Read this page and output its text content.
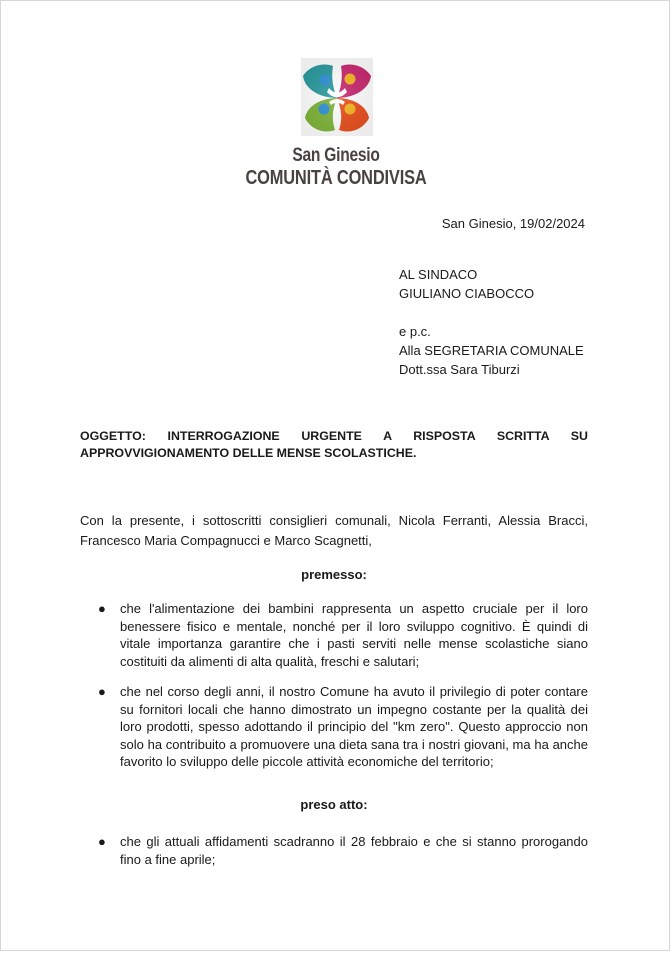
San Ginesio
COMUNITÀ CONDIVISA
San Ginesio, 19/02/2024
AL SINDACO
GIULIANO CIABOCCO
e p.c.
Alla SEGRETARIA COMUNALE
Dott.ssa Sara Tiburzi
OGGETTO: INTERROGAZIONE URGENTE A RISPOSTA SCRITTA SU APPROVVIGIONAMENTO DELLE MENSE SCOLASTICHE.
Con la presente, i sottoscritti consiglieri comunali, Nicola Ferranti, Alessia Bracci, Francesco Maria Compagnucci e Marco Scagnetti,
premesso:
●	che l'alimentazione dei bambini rappresenta un aspetto cruciale per il loro benessere fisico e mentale, nonché per il loro sviluppo cognitivo. È quindi di vitale importanza garantire che i pasti serviti nelle mense scolastiche siano costituiti da alimenti di alta qualità, freschi e salutari;
●	che nel corso degli anni, il nostro Comune ha avuto il privilegio di poter contare su fornitori locali che hanno dimostrato un impegno costante per la qualità dei loro prodotti, spesso adottando il principio del "km zero". Questo approccio non solo ha contribuito a promuovere una dieta sana tra i nostri giovani, ma ha anche favorito lo sviluppo delle piccole attività economiche del territorio;
preso atto:
●	che gli attuali affidamenti scadranno il 28 febbraio e che si stanno prorogando fino a fine aprile;
